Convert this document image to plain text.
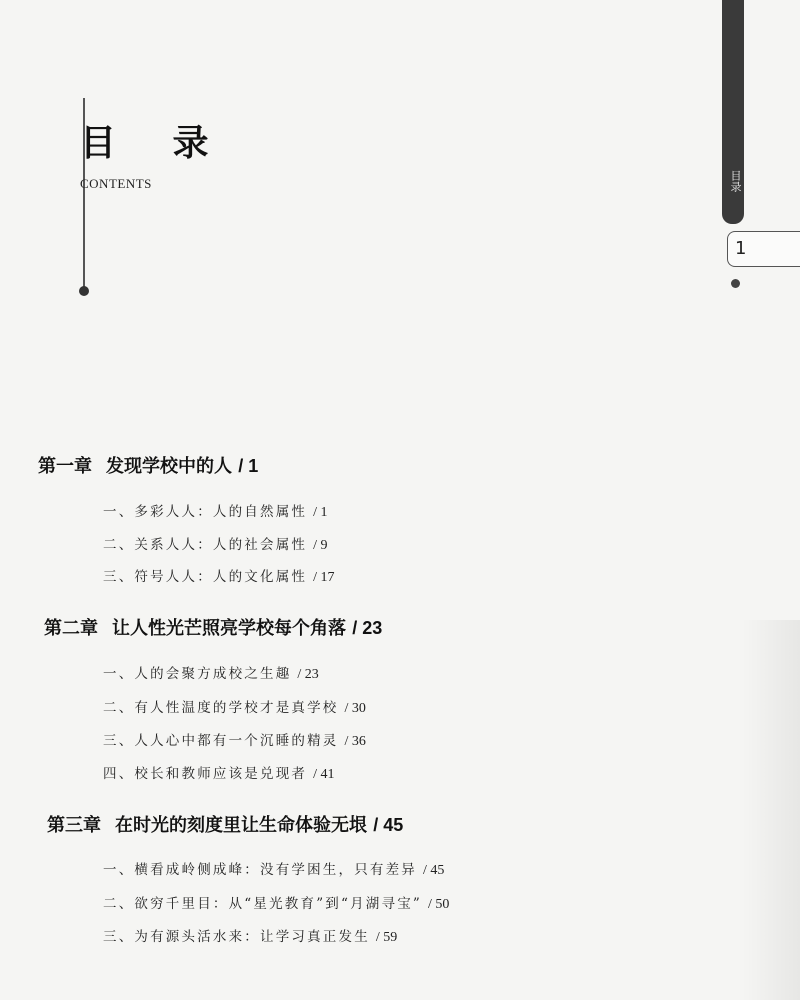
目 录
CONTENTS	目录
1
第一章 发现学校中的人 / 1
一、多彩人人：人的自然属性 / 1
二、关系人人：人的社会属性 / 9
三、符号人人：人的文化属性 / 17
第二章 让人性光芒照亮学校每个角落 / 23
一、人的会聚方成校之生趣 / 23
二、有人性温度的学校才是真学校 / 30
三、人人心中都有一个沉睡的精灵 / 36
四、校长和教师应该是兑现者 / 41
第三章 在时光的刻度里让生命体验无垠 / 45
一、横看成岭侧成峰：没有学困生，只有差异 / 45
二、欲穷千里目：从“星光教育”到“月湖寻宝” / 50
三、为有源头活水来：让学习真正发生 / 59
